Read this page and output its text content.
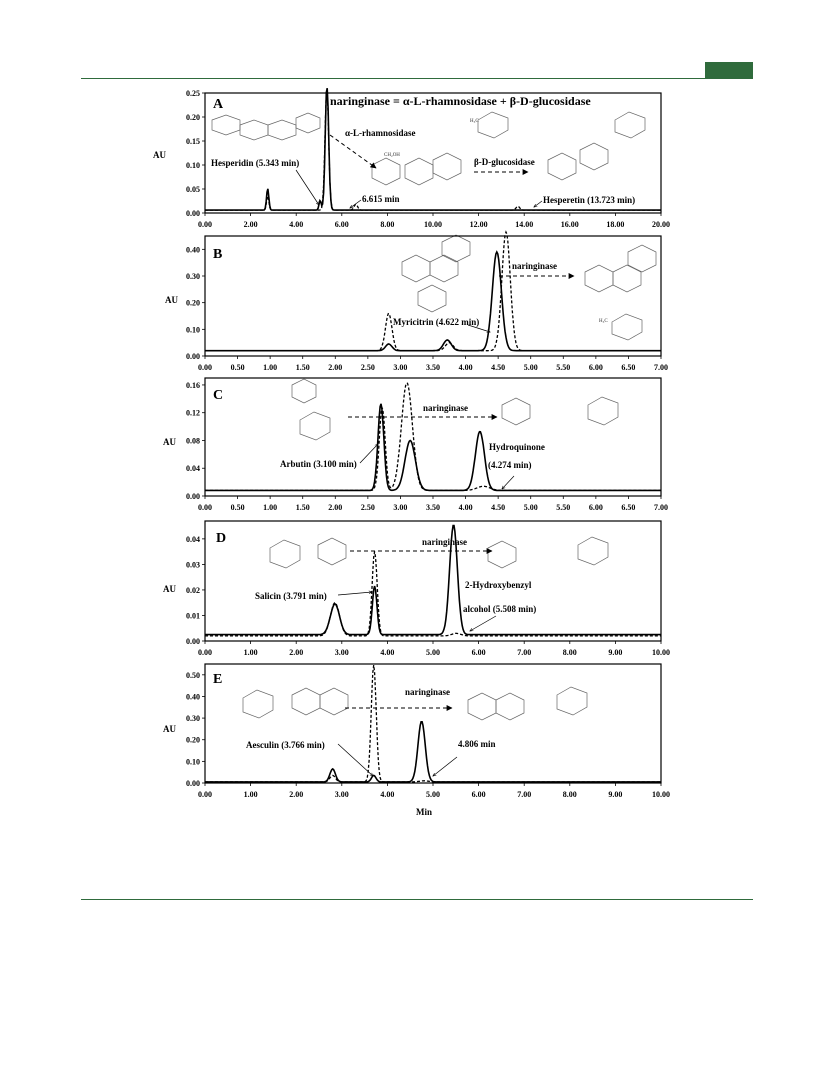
A	naringinase = α-L-rhamnosidase + β-D-glucosidase
CH₂OH
H₃C
α-L-rhamnosidase
β-D-glucosidase
Hesperidin (5.343 min)
6.615 min	Hesperetin (13.723 min)
B
H₃C
naringinase
Myricitrin (4.622 min)
C
naringinase
Arbutin (3.100 min)
Hydroquinone
(4.274 min)
D	naringinase
Salicin (3.791 min)
2-Hydroxybenzyl
alcohol (5.508 min)
E
naringinase
Aesculin (3.766 min)	4.806 min
AU
AU
AU
AU
AU
Min
0.00	2.00	4.00	6.00	8.00	10.00	12.00	14.00	16.00	18.00	20.00
0.00
0.05
0.10
0.15
0.20
0.25
0.00 0.50 1.00 1.50 2.00 2.50 3.00 3.50 4.00 4.50 5.00 5.50 6.00 6.50 7.00
0.00
0.10
0.20
0.30
0.40
0.00 0.50 1.00 1.50 2.00 2.50 3.00 3.50 4.00 4.50 5.00 5.50 6.00 6.50 7.00
0.00
0.04
0.08
0.12
0.16
0.00	1.00	2.00	3.00	4.00	5.00	6.00	7.00	8.00	9.00	10.00
0.00
0.01
0.02
0.03
0.04
0.00	1.00	2.00	3.00	4.00	5.00	6.00	7.00	8.00	9.00	10.00
0.00
0.10
0.20
0.30
0.40
0.50
